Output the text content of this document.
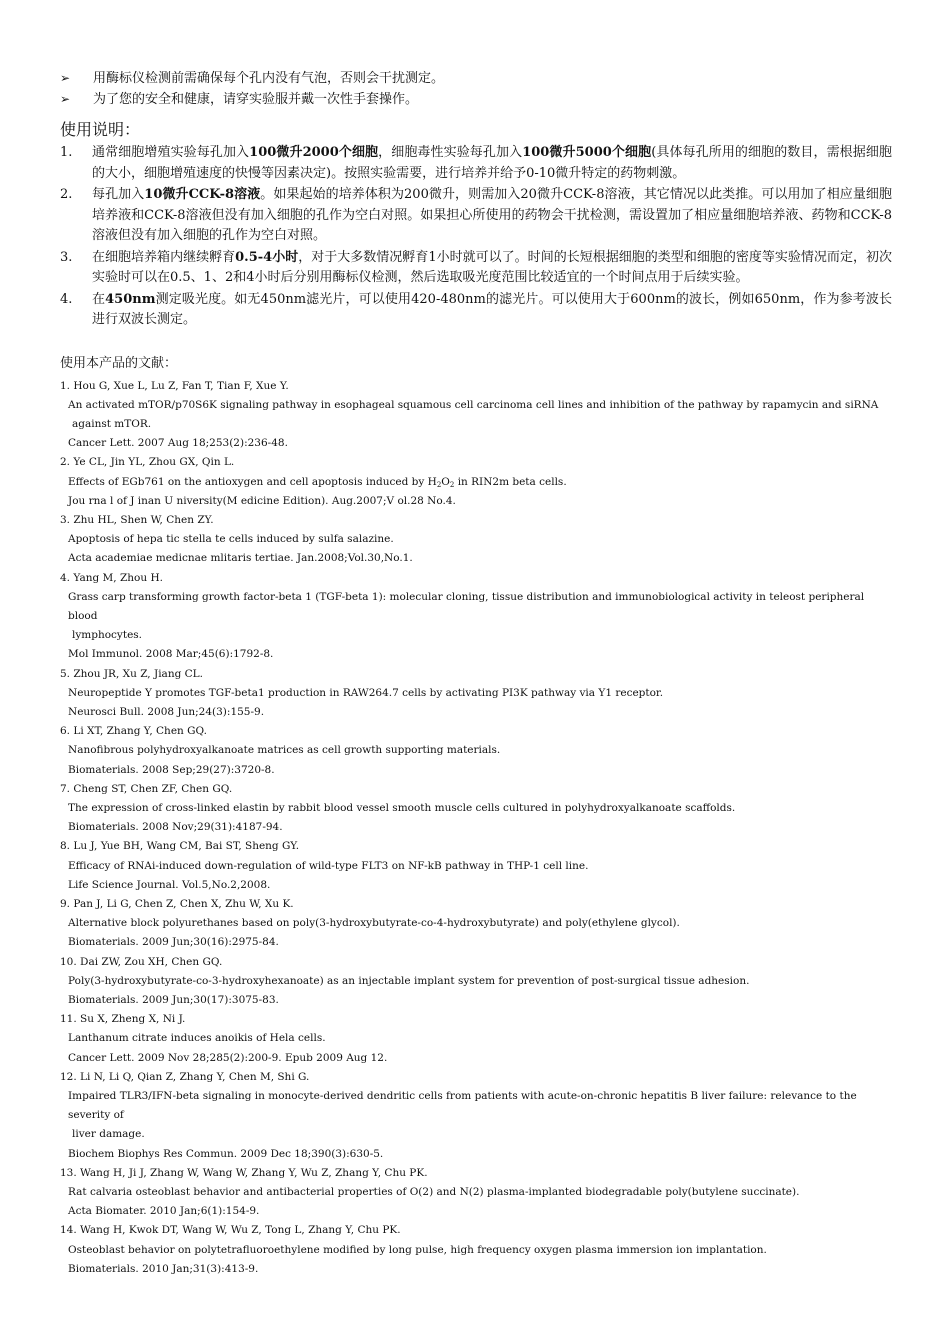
➢ 用酶标仪检测前需确保每个孔内没有气泡，否则会干扰测定。
➢ 为了您的安全和健康，请穿实验服并戴一次性手套操作。
使用说明：
1. 通常细胞增殖实验每孔加入100微升2000个细胞，细胞毒性实验每孔加入100微升5000个细胞(具体每孔所用的细胞的数目，需根据细胞的大小，细胞增殖速度的快慢等因素决定)。按照实验需要，进行培养并给予0-10微升特定的药物刺激。
2. 每孔加入10微升CCK-8溶液。如果起始的培养体积为200微升，则需加入20微升CCK-8溶液，其它情况以此类推。可以用加了相应量细胞培养液和CCK-8溶液但没有加入细胞的孔作为空白对照。如果担心所使用的药物会干扰检测，需设置加了相应量细胞培养液、药物和CCK-8溶液但没有加入细胞的孔作为空白对照。
3. 在细胞培养箱内继续孵育0.5-4小时，对于大多数情况孵育1小时就可以了。时间的长短根据细胞的类型和细胞的密度等实验情况而定，初次实验时可以在0.5、1、2和4小时后分别用酶标仪检测，然后选取吸光度范围比较适宜的一个时间点用于后续实验。
4. 在450nm测定吸光度。如无450nm滤光片，可以使用420-480nm的滤光片。可以使用大于600nm的波长，例如650nm，作为参考波长进行双波长测定。
使用本产品的文献：
1. Hou G, Xue L, Lu Z, Fan T, Tian F, Xue Y.
An activated mTOR/p70S6K signaling pathway in esophageal squamous cell carcinoma cell lines and inhibition of the pathway by rapamycin and siRNA
against mTOR.
Cancer Lett. 2007 Aug 18;253(2):236-48.
2. Ye CL, Jin YL, Zhou GX, Qin L.
Effects of EGb761 on the antioxygen and cell apoptosis induced by $H_2O_2$ in RIN2m beta cells.
Jou rna l of J inan U niversity(M edicine Edition). Aug.2007;V ol.28 No.4.
3. Zhu HL, Shen W, Chen ZY.
Apoptosis of hepa tic stella te cells induced by sulfa salazine.
Acta academiae medicnae mlitaris tertiae. Jan.2008;Vol.30,No.1.
4. Yang M, Zhou H.
Grass carp transforming growth factor-beta 1 (TGF-beta 1): molecular cloning, tissue distribution and immunobiological activity in teleost peripheral blood
lymphocytes.
Mol Immunol. 2008 Mar;45(6):1792-8.
5. Zhou JR, Xu Z, Jiang CL.
Neuropeptide Y promotes TGF-beta1 production in RAW264.7 cells by activating PI3K pathway via Y1 receptor.
Neurosci Bull. 2008 Jun;24(3):155-9.
6. Li XT, Zhang Y, Chen GQ.
Nanofibrous polyhydroxyalkanoate matrices as cell growth supporting materials.
Biomaterials. 2008 Sep;29(27):3720-8.
7. Cheng ST, Chen ZF, Chen GQ.
The expression of cross-linked elastin by rabbit blood vessel smooth muscle cells cultured in polyhydroxyalkanoate scaffolds.
Biomaterials. 2008 Nov;29(31):4187-94.
8. Lu J, Yue BH, Wang CM, Bai ST, Sheng GY.
Efficacy of RNAi-induced down-regulation of wild-type FLT3 on NF-kB pathway in THP-1 cell line.
Life Science Journal. Vol.5,No.2,2008.
9. Pan J, Li G, Chen Z, Chen X, Zhu W, Xu K.
Alternative block polyurethanes based on poly(3-hydroxybutyrate-co-4-hydroxybutyrate) and poly(ethylene glycol).
Biomaterials. 2009 Jun;30(16):2975-84.
10. Dai ZW, Zou XH, Chen GQ.
Poly(3-hydroxybutyrate-co-3-hydroxyhexanoate) as an injectable implant system for prevention of post-surgical tissue adhesion.
Biomaterials. 2009 Jun;30(17):3075-83.
11. Su X, Zheng X, Ni J.
Lanthanum citrate induces anoikis of Hela cells.
Cancer Lett. 2009 Nov 28;285(2):200-9. Epub 2009 Aug 12.
12. Li N, Li Q, Qian Z, Zhang Y, Chen M, Shi G.
Impaired TLR3/IFN-beta signaling in monocyte-derived dendritic cells from patients with acute-on-chronic hepatitis B liver failure: relevance to the severity of
liver damage.
Biochem Biophys Res Commun. 2009 Dec 18;390(3):630-5.
13. Wang H, Ji J, Zhang W, Wang W, Zhang Y, Wu Z, Zhang Y, Chu PK.
Rat calvaria osteoblast behavior and antibacterial properties of O(2) and N(2) plasma-implanted biodegradable poly(butylene succinate).
Acta Biomater. 2010 Jan;6(1):154-9.
14. Wang H, Kwok DT, Wang W, Wu Z, Tong L, Zhang Y, Chu PK.
Osteoblast behavior on polytetrafluoroethylene modified by long pulse, high frequency oxygen plasma immersion ion implantation.
Biomaterials. 2010 Jan;31(3):413-9.
